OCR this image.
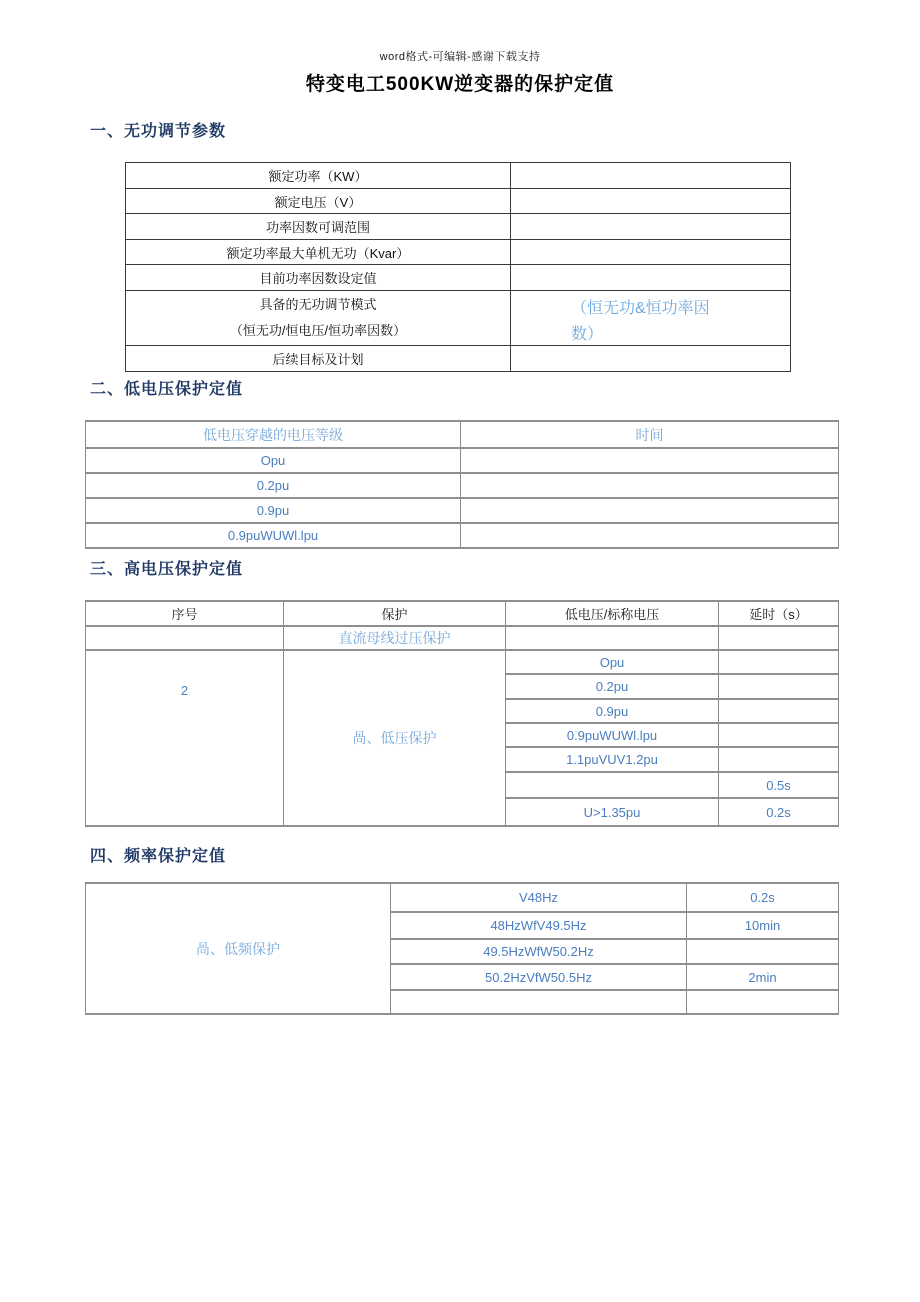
word格式-可编辑-感谢下载支持
特变电工500KW逆变器的保护定值
一、无功调节参数
额定功率（KW）	
额定电压（V）	
功率因数可调范围	
额定功率最大单机无功（Kvar）	
目前功率因数设定值	

具备的无功调节模式
（恒无功/恒电压/恒功率因数）

（恒无功&恒功率因
数）

后续目标及计划	
二、低电压保护定值
低电压穿越的电压等级	时间
Opu	
0.2pu	
0.9pu	
0.9puWUWl.lpu	
三、高电压保护定值
序号	保护	低电压/标称电压	延时（s）
	直流母线过压保护		
2	咼、低压保护	Opu	
		0.2pu	
		0.9pu	
		0.9puWUWl.lpu	
		1.1puVUV1.2pu	
			0.5s
		U>1.35pu	0.2s
四、频率保护定值
咼、低频保护	V48Hz	0.2s
	48HzWfV49.5Hz	10min
	49.5HzWfW50.2Hz	
	50.2HzVfW50.5Hz	2min
